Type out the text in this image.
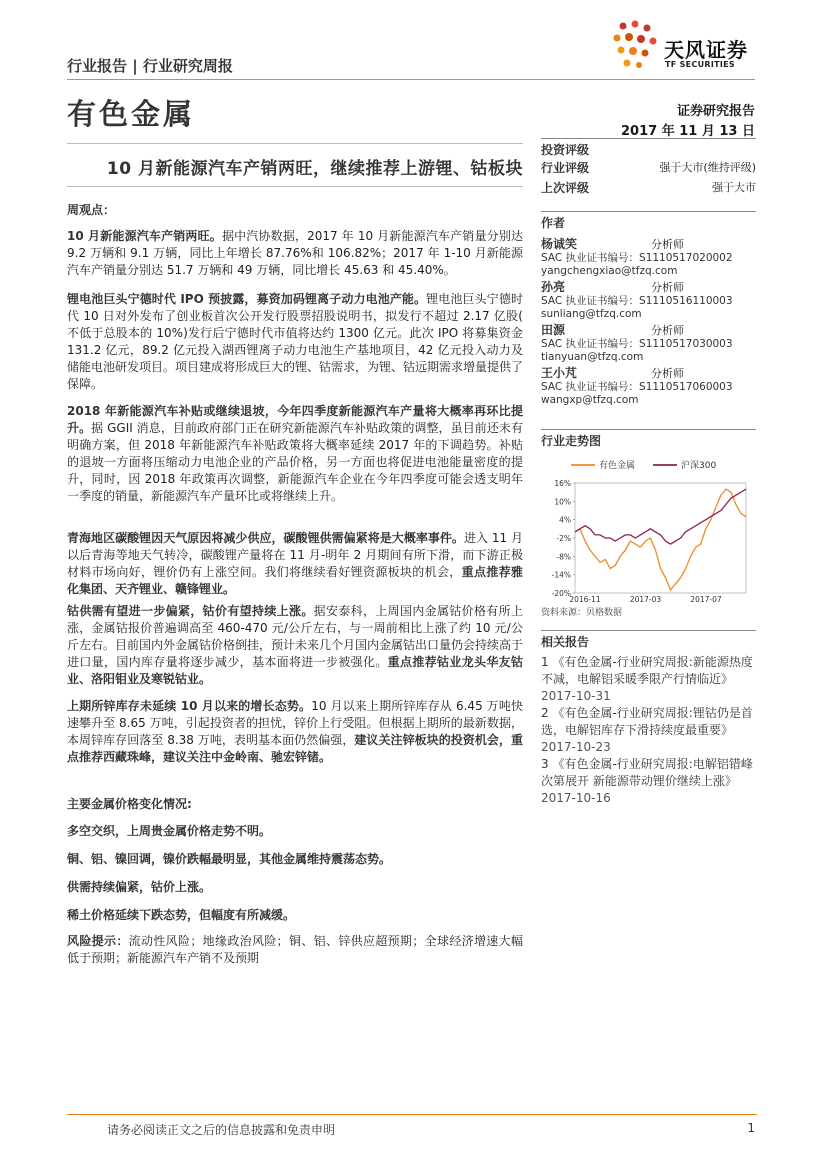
行业报告 | 行业研究周报
天风证券
TF SECURITIES
有色金属	证券研究报告
2017 年 11 月 13 日
10 月新能源汽车产销两旺，继续推荐上游锂、钴板块
周观点：

10 月新能源汽车产销两旺。据中汽协数据，2017 年 10 月新能源汽车产销量分别达 9.2 万辆和 9.1 万辆，同比上年增长 87.76%和 106.82%；2017 年 1-10 月新能源汽车产销量分别达 51.7 万辆和 49 万辆，同比增长 45.63 和 45.40%。

锂电池巨头宁德时代 IPO 预披露，募资加码锂离子动力电池产能。锂电池巨头宁德时代 10 日对外发布了创业板首次公开发行股票招股说明书，拟发行不超过 2.17 亿股( 不低于总股本的 10%)发行后宁德时代市值将达约 1300 亿元。此次 IPO 将募集资金 131.2 亿元，89.2 亿元投入湖西锂离子动力电池生产基地项目，42 亿元投入动力及储能电池研发项目。项目建成将形成巨大的锂、钴需求，为锂、钴远期需求增量提供了保障。

2018 年新能源汽车补贴或继续退坡，今年四季度新能源汽车产量将大概率再环比提升。据 GGII 消息，目前政府部门正在研究新能源汽车补贴政策的调整，虽目前还未有明确方案，但 2018 年新能源汽车补贴政策将大概率延续 2017 年的下调趋势。补贴的退坡一方面将压缩动力电池企业的产品价格，另一方面也将促进电池能量密度的提升，同时，因 2018 年政策再次调整，新能源汽车企业在今年四季度可能会透支明年一季度的销量，新能源汽车产量环比或将继续上升。

青海地区碳酸锂因天气原因将减少供应，碳酸锂供需偏紧将是大概率事件。进入 11 月以后青海等地天气转冷，碳酸锂产量将在 11 月-明年 2 月期间有所下滑，而下游正极材料市场向好，锂价仍有上涨空间。我们将继续看好锂资源板块的机会，重点推荐雅化集团、天齐锂业、赣锋锂业。

钴供需有望进一步偏紧，钴价有望持续上涨。据安泰科，上周国内金属钴价格有所上涨，金属钴报价普遍调高至 460-470 元/公斤左右，与一周前相比上涨了约 10 元/公斤左右。目前国内外金属钴价格倒挂，预计未来几个月国内金属钴出口量仍会持续高于进口量，国内库存量将逐步减少，基本面将进一步被强化。重点推荐钴业龙头华友钴业、洛阳钼业及寒锐钴业。

上期所锌库存未延续 10 月以来的增长态势。10 月以来上期所锌库存从 6.45 万吨快速攀升至 8.65 万吨，引起投资者的担忧，锌价上行受阻。但根据上期所的最新数据，本周锌库存回落至 8.38 万吨，表明基本面仍然偏强，建议关注锌板块的投资机会，重点推荐西藏珠峰，建议关注中金岭南、驰宏锌锗。

主要金属价格变化情况:
多空交织，上周贵金属价格走势不明。
铜、铝、镍回调，镍价跌幅最明显，其他金属维持震荡态势。
供需持续偏紧，钴价上涨。
稀土价格延续下跌态势，但幅度有所减缓。

风险提示：流动性风险；地缘政治风险；铜、铝、锌供应超预期；全球经济增速大幅低于预期；新能源汽车产销不及预期

投资评级
行业评级	强于大市(维持评级)
上次评级	强于大市
作者
杨诚笑	分析师
SAC 执业证书编号：S1110517020002
yangchengxiao@tfzq.com
孙亮	分析师
SAC 执业证书编号：S1110516110003
sunliang@tfzq.com
田源	分析师
SAC 执业证书编号：S1110517030003
tianyuan@tfzq.com
王小芃	分析师
SAC 执业证书编号：S1110517060003
wangxp@tfzq.com
行业走势图
16%
10%
4%
-2%
-8%
-14%
-20%
2016-11	2017-03	2017-07
有色金属	沪深300
资料来源：贝格数据
相关报告
1 《有色金属-行业研究周报:新能源热度不减，电解铝采暖季限产行情临近》
2017-10-31
2 《有色金属-行业研究周报:锂钴仍是首选，电解铝库存下滑持续度最重要》
2017-10-23
3 《有色金属-行业研究周报:电解铝错峰次第展开 新能源带动锂价继续上涨》
2017-10-16
请务必阅读正文之后的信息披露和免责申明	1
